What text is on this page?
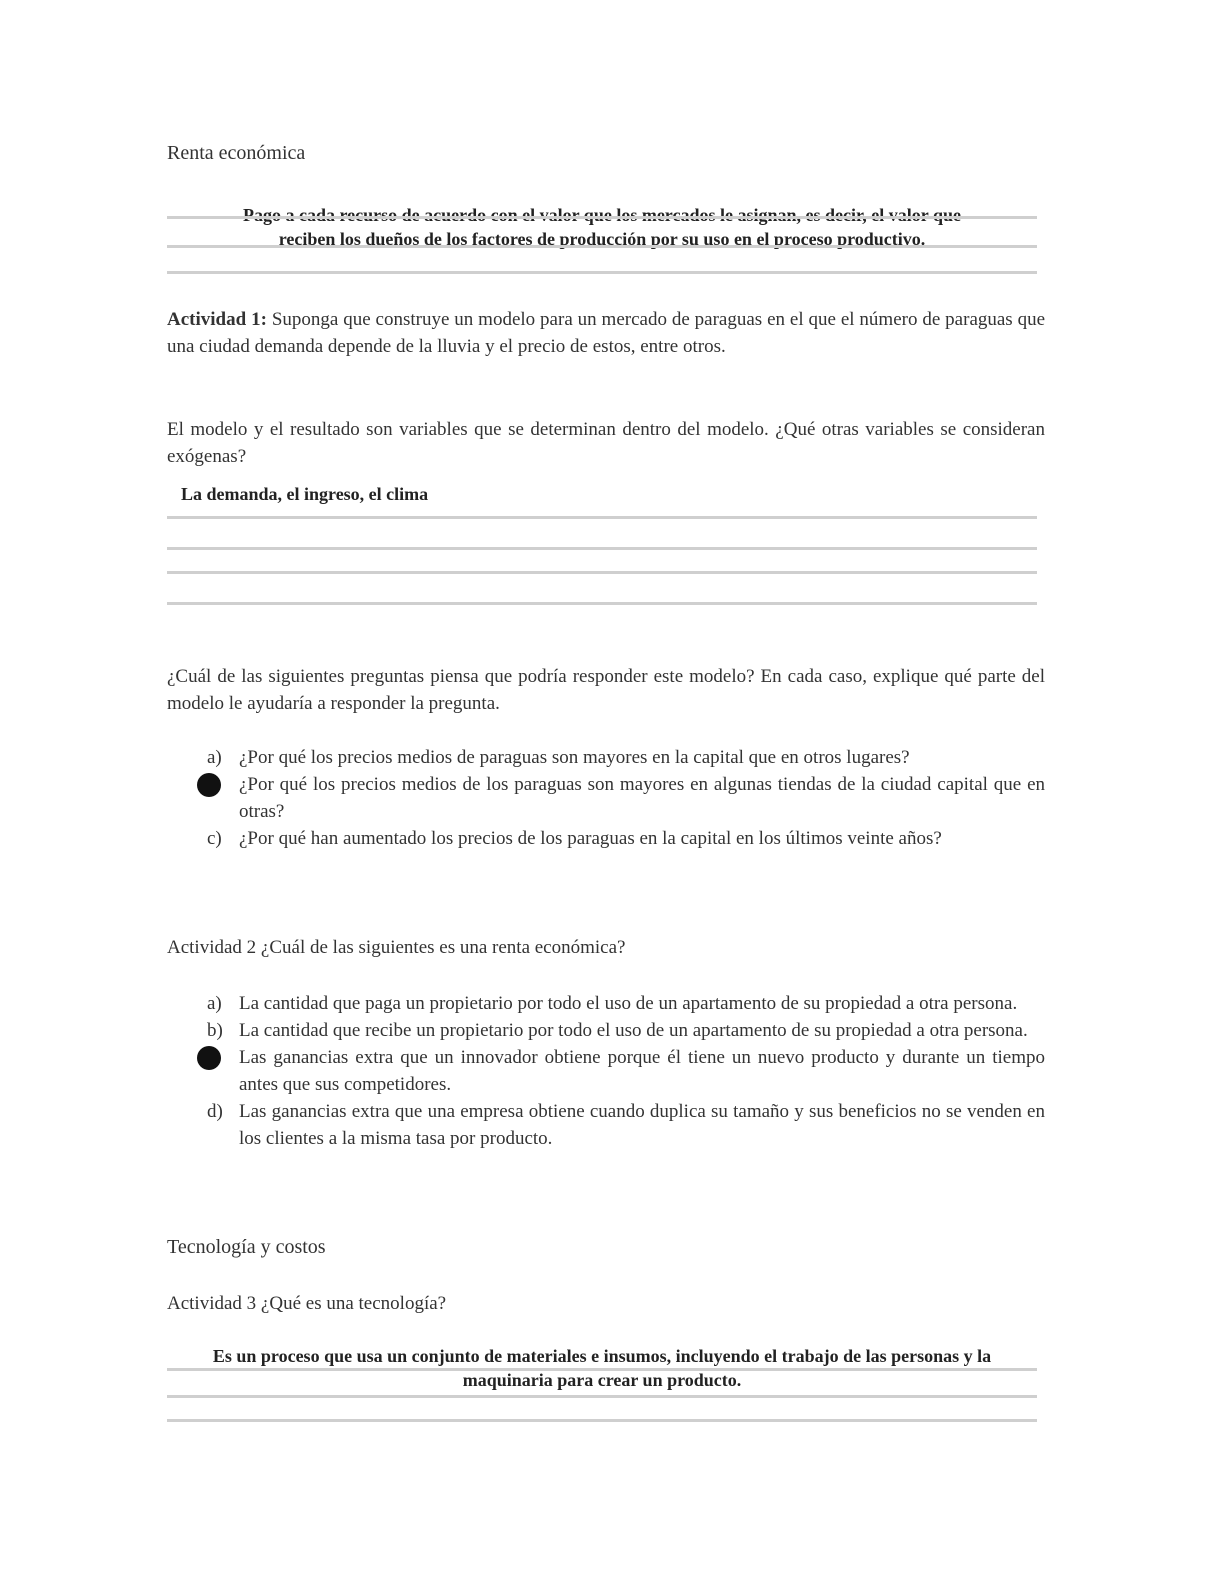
Renta económica
Pago a cada recurso de acuerdo con el valor que los mercados le asignan, es decir, el valor que reciben los dueños de los factores de producción por su uso en el proceso productivo.
Actividad 1: Suponga que construye un modelo para un mercado de paraguas en el que el número de paraguas que una ciudad demanda depende de la lluvia y el precio de estos, entre otros.
El modelo y el resultado son variables que se determinan dentro del modelo. ¿Qué otras variables se consideran exógenas?
La demanda, el ingreso, el clima
¿Cuál de las siguientes preguntas piensa que podría responder este modelo? En cada caso, explique qué parte del modelo le ayudaría a responder la pregunta.
a) ¿Por qué los precios medios de paraguas son mayores en la capital que en otros lugares?
¿Por qué los precios medios de los paraguas son mayores en algunas tiendas de la ciudad capital que en otras?
c) ¿Por qué han aumentado los precios de los paraguas en la capital en los últimos veinte años?
Actividad 2 ¿Cuál de las siguientes es una renta económica?
a) La cantidad que paga un propietario por todo el uso de un apartamento de su propiedad a otra persona.
b) La cantidad que recibe un propietario por todo el uso de un apartamento de su propiedad a otra persona.
Las ganancias extra que un innovador obtiene porque él tiene un nuevo producto y durante un tiempo antes que sus competidores.
d) Las ganancias extra que una empresa obtiene cuando duplica su tamaño y sus beneficios no se venden en los clientes a la misma tasa por producto.
Tecnología y costos
Actividad 3 ¿Qué es una tecnología?
Es un proceso que usa un conjunto de materiales e insumos, incluyendo el trabajo de las personas y la maquinaria para crear un producto.
